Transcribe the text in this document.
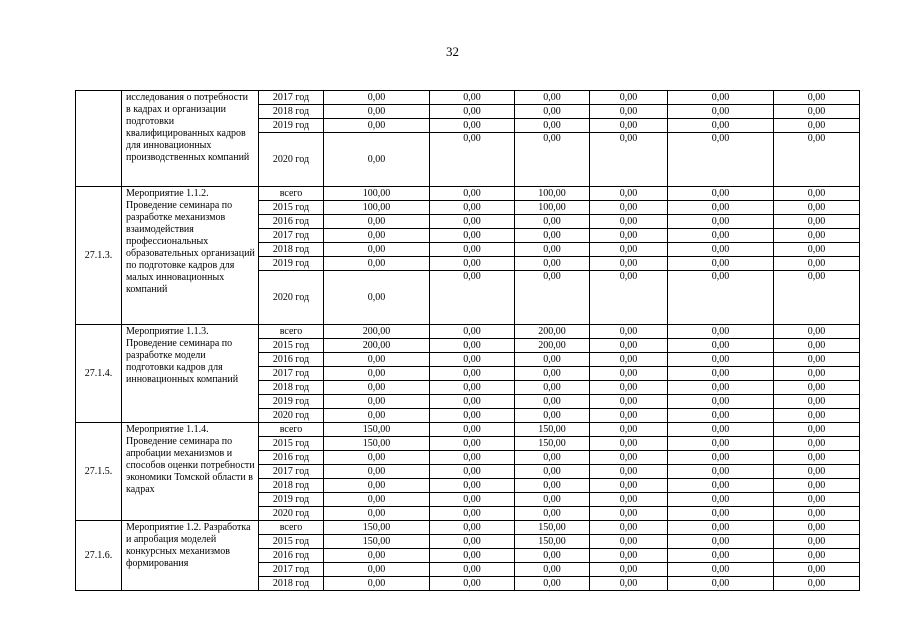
32
	исследования о потребности в кадрах и организации подготовки квалифицированных кадров для инновационных производственных компаний	2017 год	0,00	0,00	0,00	0,00	0,00	0,00
		2018 год	0,00	0,00	0,00	0,00	0,00	0,00
		2019 год	0,00	0,00	0,00	0,00	0,00	0,00
		2020 год	0,00	0,00	0,00	0,00	0,00	0,00
27.1.3.	Мероприятие 1.1.2. Проведение семинара по разработке механизмов взаимодействия профессиональных образовательных организаций по подготовке кадров для малых инновационных компаний	всего	100,00	0,00	100,00	0,00	0,00	0,00
		2015 год	100,00	0,00	100,00	0,00	0,00	0,00
		2016 год	0,00	0,00	0,00	0,00	0,00	0,00
		2017 год	0,00	0,00	0,00	0,00	0,00	0,00
		2018 год	0,00	0,00	0,00	0,00	0,00	0,00
		2019 год	0,00	0,00	0,00	0,00	0,00	0,00
		2020 год	0,00	0,00	0,00	0,00	0,00	0,00
27.1.4.	Мероприятие 1.1.3. Проведение семинара по разработке модели подготовки кадров для инновационных компаний	всего	200,00	0,00	200,00	0,00	0,00	0,00
		2015 год	200,00	0,00	200,00	0,00	0,00	0,00
		2016 год	0,00	0,00	0,00	0,00	0,00	0,00
		2017 год	0,00	0,00	0,00	0,00	0,00	0,00
		2018 год	0,00	0,00	0,00	0,00	0,00	0,00
		2019 год	0,00	0,00	0,00	0,00	0,00	0,00
		2020 год	0,00	0,00	0,00	0,00	0,00	0,00
27.1.5.	Мероприятие 1.1.4. Проведение семинара по апробации механизмов и способов оценки потребности экономики Томской области в кадрах	всего	150,00	0,00	150,00	0,00	0,00	0,00
		2015 год	150,00	0,00	150,00	0,00	0,00	0,00
		2016 год	0,00	0,00	0,00	0,00	0,00	0,00
		2017 год	0,00	0,00	0,00	0,00	0,00	0,00
		2018 год	0,00	0,00	0,00	0,00	0,00	0,00
		2019 год	0,00	0,00	0,00	0,00	0,00	0,00
		2020 год	0,00	0,00	0,00	0,00	0,00	0,00
27.1.6.	Мероприятие 1.2. Разработка и апробация моделей конкурсных механизмов формирования	всего	150,00	0,00	150,00	0,00	0,00	0,00
		2015 год	150,00	0,00	150,00	0,00	0,00	0,00
		2016 год	0,00	0,00	0,00	0,00	0,00	0,00
		2017 год	0,00	0,00	0,00	0,00	0,00	0,00
		2018 год	0,00	0,00	0,00	0,00	0,00	0,00
